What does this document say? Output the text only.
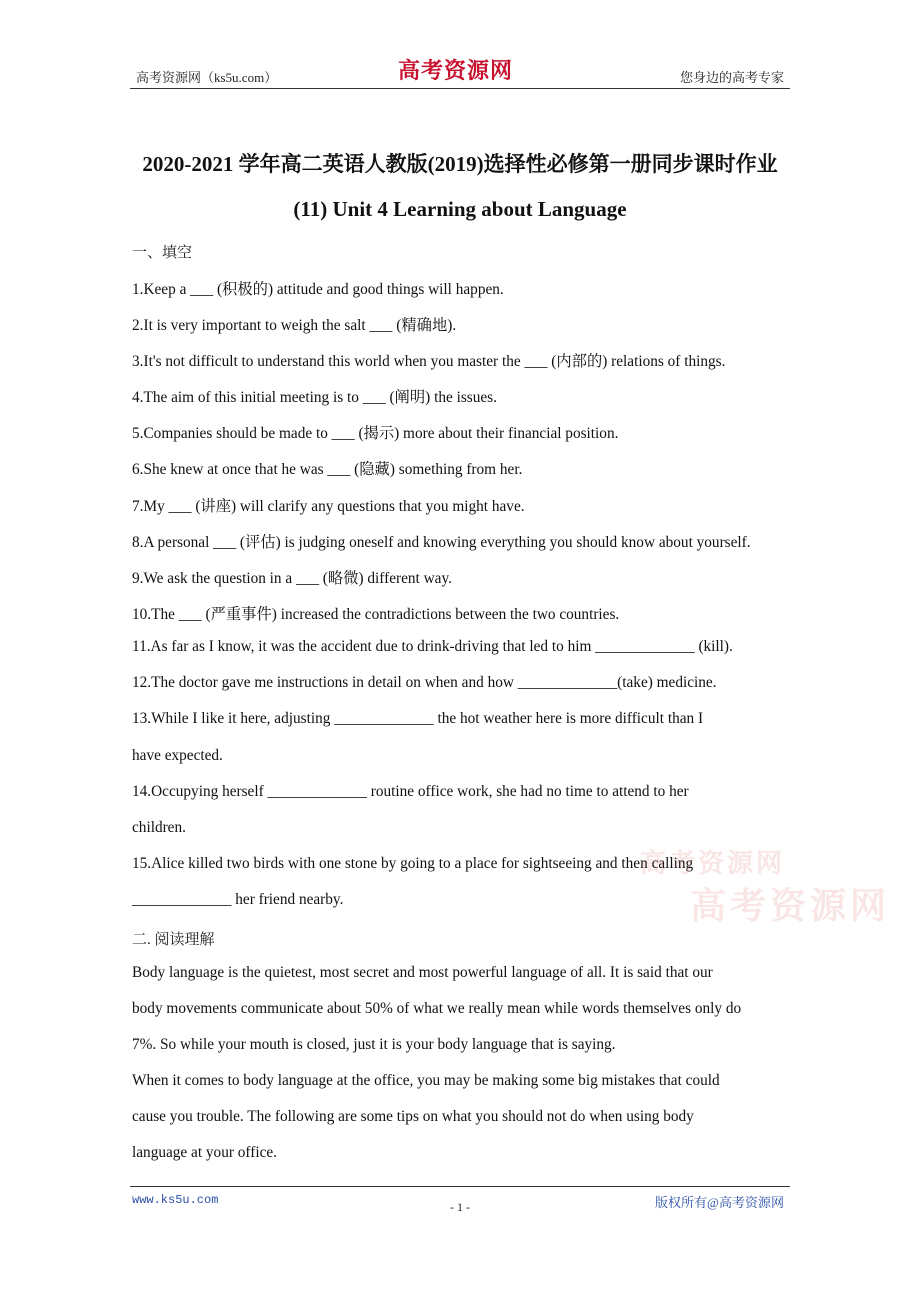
高考资源网（ks5u.com）	高考资源网	您身边的高考专家
2020-2021 学年高二英语人教版(2019)选择性必修第一册同步课时作业
(11) Unit 4 Learning about Language
一、填空
1.Keep a ___ (积极的) attitude and good things will happen.
2.It is very important to weigh the salt ___ (精确地).
3.It's not difficult to understand this world when you master the ___ (内部的) relations of things.
4.The aim of this initial meeting is to ___ (阐明) the issues.
5.Companies should be made to ___ (揭示) more about their financial position.
6.She knew at once that he was ___ (隐藏) something from her.
7.My ___ (讲座) will clarify any questions that you might have.
8.A personal ___ (评估) is judging oneself and knowing everything you should know about yourself.
9.We ask the question in a ___ (略微) different way.
10.The ___ (严重事件) increased the contradictions between the two countries.
11.As far as I know, it was the accident due to drink-driving that led to him _____________ (kill).
12.The doctor gave me instructions in detail on when and how _____________(take) medicine.
13.While I like it here, adjusting _____________ the hot weather here is more difficult than I
have expected.
14.Occupying herself _____________ routine office work, she had no time to attend to her
children.
15.Alice killed two birds with one stone by going to a place for sightseeing and then calling
_____________ her friend nearby.
二. 阅读理解
Body language is the quietest, most secret and most powerful language of all. It is said that our
body movements communicate about 50% of what we really mean while words themselves only do
7%. So while your mouth is closed, just it is your body language that is saying.
When it comes to body language at the office, you may be making some big mistakes that could
cause you trouble. The following are some tips on what you should not do when using body
language at your office.
高考资源网
高考资源网
www.ks5u.com	版权所有@高考资源网
- 1 -
